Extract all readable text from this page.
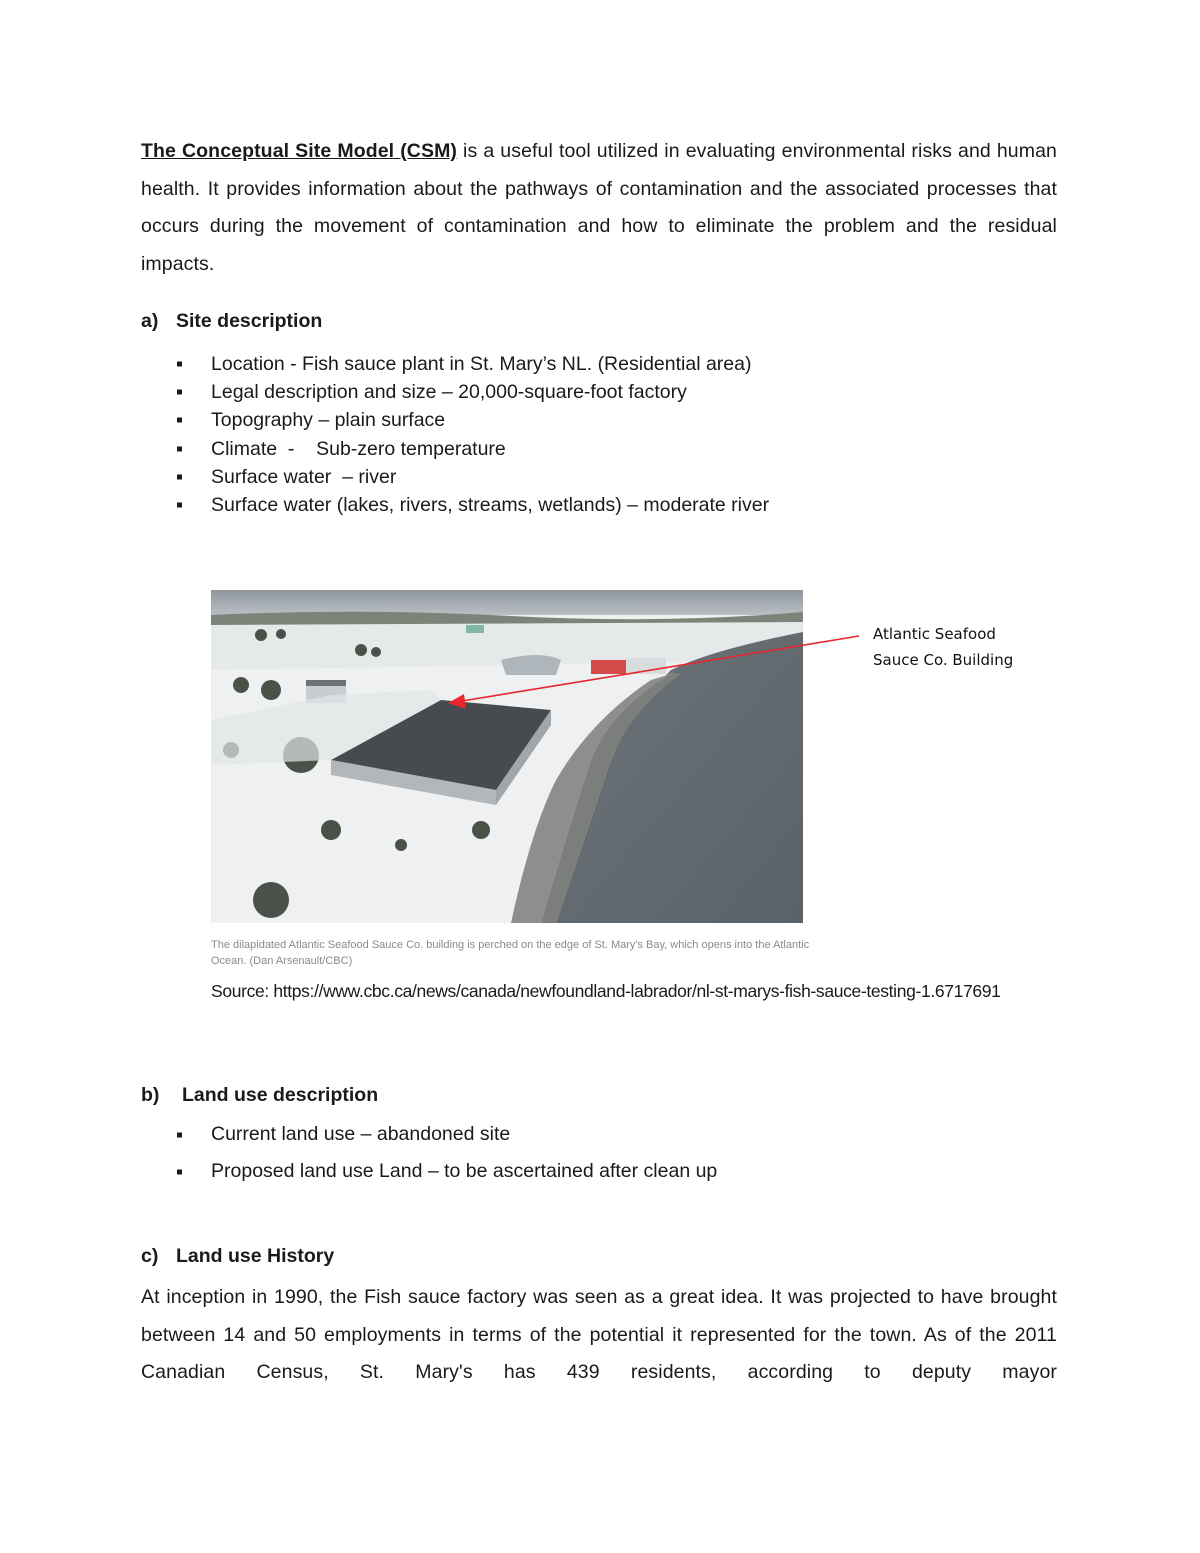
The Conceptual Site Model (CSM) is a useful tool utilized in evaluating environmental risks and human health. It provides information about the pathways of contamination and the associated processes that occurs during the movement of contamination and how to eliminate the problem and the residual impacts.

a) Site description
Location - Fish sauce plant in St. Mary’s NL. (Residential area)
Legal description and size – 20,000-square-foot factory
Topography – plain surface
Climate  -    Sub-zero temperature
Surface water  – river
Surface water (lakes, rivers, streams, wetlands) – moderate river
Atlantic Seafood
Sauce Co. Building
The dilapidated Atlantic Seafood Sauce Co. building is perched on the edge of St. Mary's Bay, which opens into the Atlantic Ocean. (Dan Arsenault/CBC)
Source: https://www.cbc.ca/news/canada/newfoundland-labrador/nl-st-marys-fish-sauce-testing-1.6717691
b) Land use description
Current land use – abandoned site
Proposed land use Land – to be ascertained after clean up
c) Land use History

At inception in 1990, the Fish sauce factory was seen as a great idea. It was projected to have brought between 14 and 50 employments in terms of the potential it represented for the town. As of the 2011 Canadian Census, St. Mary's has 439 residents, according to deputy mayor
